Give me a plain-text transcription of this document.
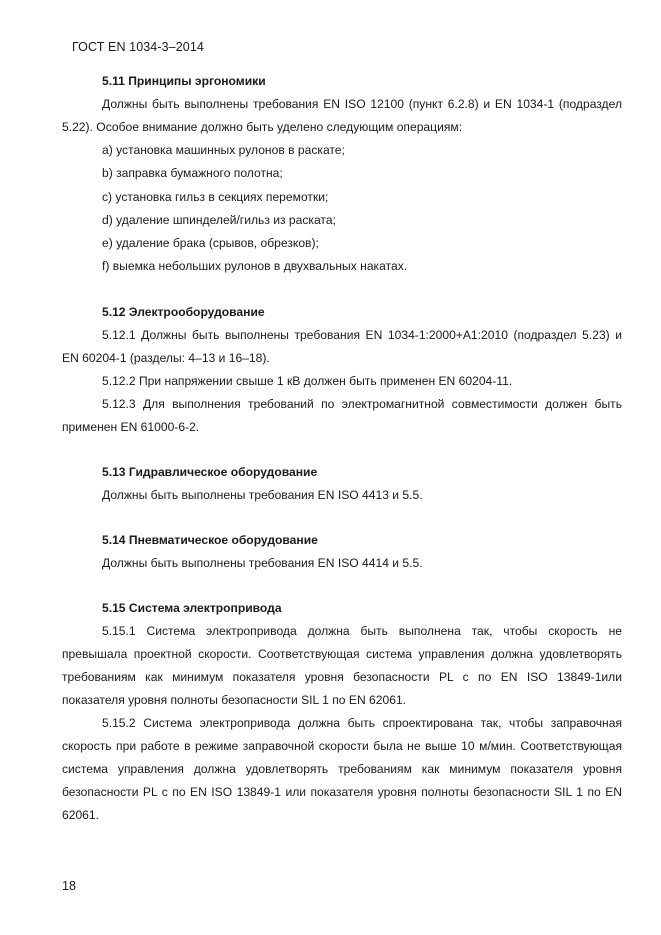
ГОСТ EN 1034-3–2014
5.11 Принципы эргономики
Должны быть выполнены требования EN ISO 12100 (пункт 6.2.8) и EN 1034-1 (подраздел 5.22). Особое внимание должно быть уделено следующим операциям:
а) установка машинных рулонов в раскате;
b) заправка бумажного полотна;
c) установка гильз в секциях перемотки;
d) удаление шпинделей/гильз из раската;
e) удаление брака (срывов, обрезков);
f) выемка небольших рулонов в двухвальных накатах.
5.12 Электрооборудование
5.12.1 Должны быть выполнены требования EN 1034-1:2000+A1:2010 (подраздел 5.23) и EN 60204-1 (разделы: 4–13 и 16–18).
5.12.2 При напряжении свыше 1 кВ должен быть применен EN 60204-11.
5.12.3 Для выполнения требований по электромагнитной совместимости должен быть применен EN 61000-6-2.
5.13 Гидравлическое оборудование
Должны быть выполнены требования EN ISO 4413 и 5.5.
5.14 Пневматическое оборудование
Должны быть выполнены требования EN ISO 4414 и 5.5.
5.15 Система электропривода
5.15.1 Система электропривода должна быть выполнена так, чтобы скорость не превышала проектной скорости. Соответствующая система управления должна удовлетворять требованиям как минимум показателя уровня безопасности PL c по EN ISO 13849-1или показателя уровня полноты безопасности SIL 1 по EN 62061.
5.15.2 Система электропривода должна быть спроектирована так, чтобы заправочная скорость при работе в режиме заправочной скорости была не выше 10 м/мин. Соответствующая система управления должна удовлетворять требованиям как минимум показателя уровня безопасности PL c по EN ISO 13849-1 или показателя уровня полноты безопасности SIL 1 по EN 62061.
18
